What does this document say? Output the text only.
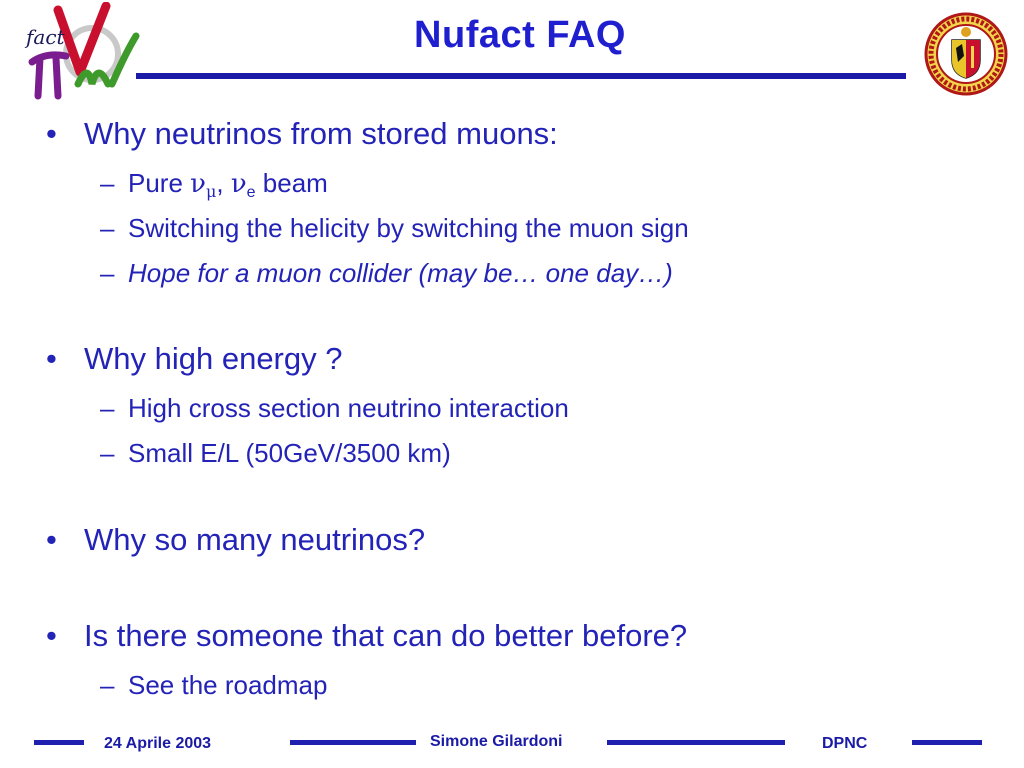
fact	Nufact FAQ
• Why neutrinos from stored muons:
– Pure $\nu_\mu$, $\nu_e$ beam
– Switching the helicity by switching the muon sign
– Hope for a muon collider (may be… one day…)
• Why high energy ?
– High cross section neutrino interaction
– Small E/L (50GeV/3500 km)
• Why so many neutrinos?
• Is there someone that can do better before?
– See the roadmap
24 Aprile 2003	Simone Gilardoni	DPNC
